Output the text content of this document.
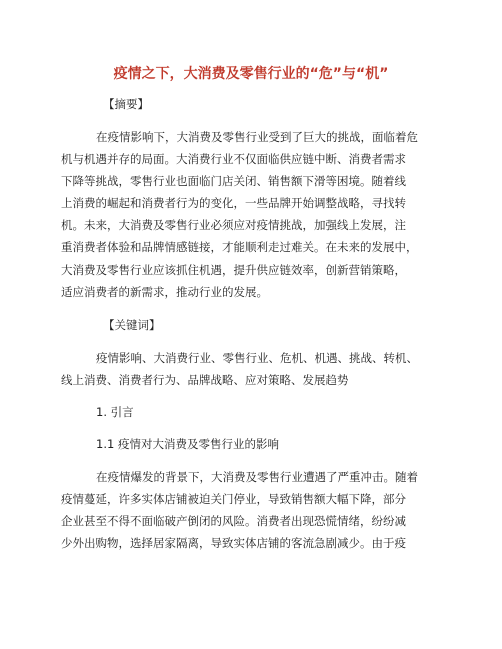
疫情之下，大消费及零售行业的“危”与“机”
【摘要】
在疫情影响下，大消费及零售行业受到了巨大的挑战，面临着危
机与机遇并存的局面。大消费行业不仅面临供应链中断、消费者需求
下降等挑战，零售行业也面临门店关闭、销售额下滑等困境。随着线
上消费的崛起和消费者行为的变化，一些品牌开始调整战略，寻找转
机。未来，大消费及零售行业必须应对疫情挑战，加强线上发展，注
重消费者体验和品牌情感链接，才能顺利走过难关。在未来的发展中，
大消费及零售行业应该抓住机遇，提升供应链效率，创新营销策略，
适应消费者的新需求，推动行业的发展。
【关键词】
疫情影响、大消费行业、零售行业、危机、机遇、挑战、转机、
线上消费、消费者行为、品牌战略、应对策略、发展趋势
1. 引言
1.1 疫情对大消费及零售行业的影响
在疫情爆发的背景下，大消费及零售行业遭遇了严重冲击。随着
疫情蔓延，许多实体店铺被迫关门停业，导致销售额大幅下降，部分
企业甚至不得不面临破产倒闭的风险。消费者出现恐慌情绪，纷纷减
少外出购物，选择居家隔离，导致实体店铺的客流急剧减少。由于疫
